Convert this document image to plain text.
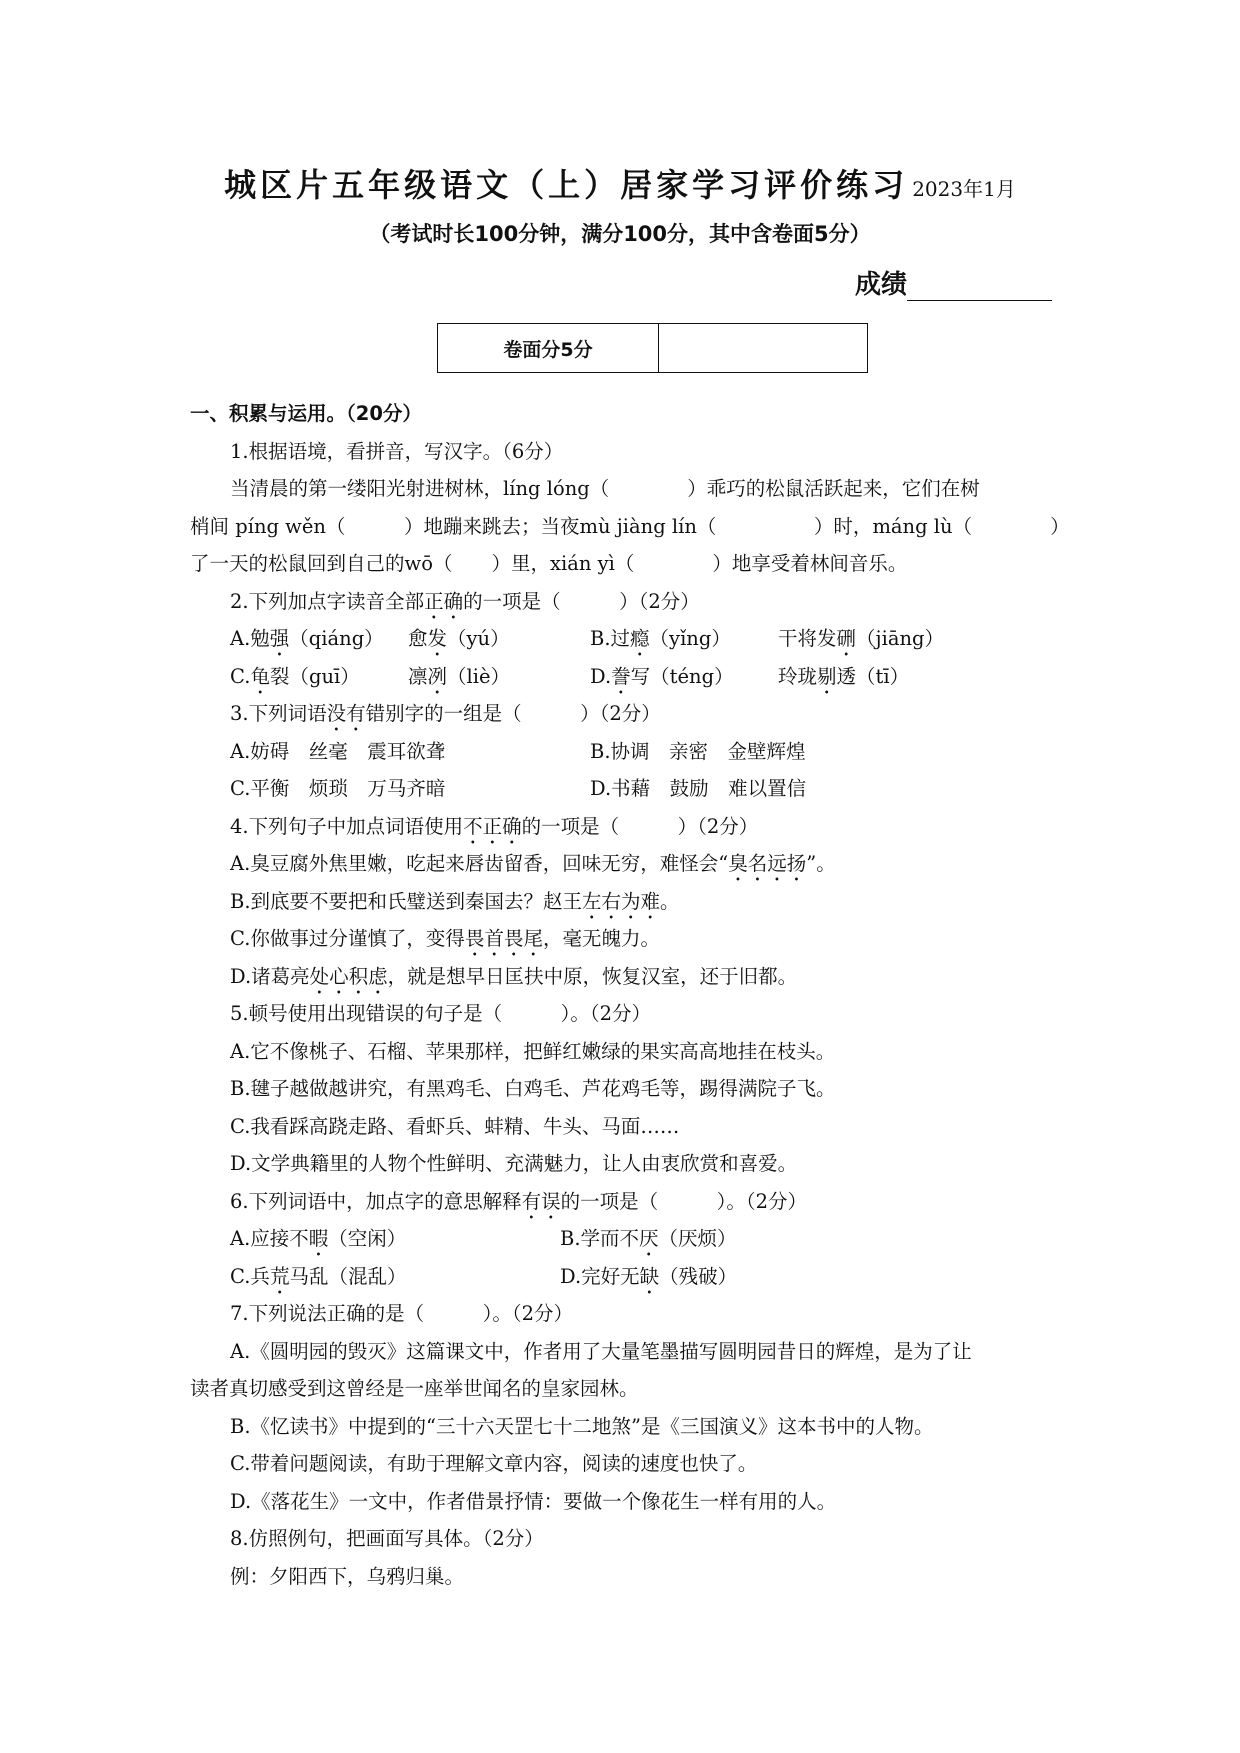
城区片五年级语文（上）居家学习评价练习 2023年1月
（考试时长100分钟，满分100分，其中含卷面5分）
成绩
卷面分5分	
一、积累与运用。（20分）
1.根据语境，看拼音，写汉字。（6分）
当清晨的第一缕阳光射进树林，líng lóng（　　　　）乖巧的松鼠活跃起来，它们在树
梢间 píng wěn（　　　）地蹦来跳去；当夜mù jiàng lín（　　　　　）时，máng lù（　　　　）
了一天的松鼠回到自己的wō（　　）里，xián yì（　　　　）地享受着林间音乐。
2.下列加点字读音全部正确的一项是（　　　）（2分）
A.勉强（qiáng） 愈发（yú）	B.过瘾（yǐng） 干将发硎（jiāng）
C.龟裂（guī） 凛冽（liè）	D.誊写（téng） 玲珑剔透（tī）
3.下列词语没有错别字的一组是（　　　）（2分）
A.妨碍　丝毫　震耳欲聋	B.协调　亲密　金壁辉煌
C.平衡　烦琐　万马齐暗	D.书藉　鼓励　难以置信
4.下列句子中加点词语使用不正确的一项是（　　　）（2分）
A.臭豆腐外焦里嫩，吃起来唇齿留香，回味无穷，难怪会“臭名远扬”。
B.到底要不要把和氏璧送到秦国去？赵王左右为难。
C.你做事过分谨慎了，变得畏首畏尾，毫无魄力。
D.诸葛亮处心积虑，就是想早日匡扶中原，恢复汉室，还于旧都。
5.顿号使用出现错误的句子是（　　　）。（2分）
A.它不像桃子、石榴、苹果那样，把鲜红嫩绿的果实高高地挂在枝头。
B.毽子越做越讲究，有黑鸡毛、白鸡毛、芦花鸡毛等，踢得满院子飞。
C.我看踩高跷走路、看虾兵、蚌精、牛头、马面……
D.文学典籍里的人物个性鲜明、充满魅力，让人由衷欣赏和喜爱。
6.下列词语中，加点字的意思解释有误的一项是（　　　）。（2分）
A.应接不暇（空闲）	B.学而不厌（厌烦）
C.兵荒马乱（混乱）	D.完好无缺（残破）
7.下列说法正确的是（　　　）。（2分）
A.《圆明园的毁灭》这篇课文中，作者用了大量笔墨描写圆明园昔日的辉煌，是为了让
读者真切感受到这曾经是一座举世闻名的皇家园林。
B.《忆读书》中提到的“三十六天罡七十二地煞”是《三国演义》这本书中的人物。
C.带着问题阅读，有助于理解文章内容，阅读的速度也快了。
D.《落花生》一文中，作者借景抒情：要做一个像花生一样有用的人。
8.仿照例句，把画面写具体。（2分）
例：夕阳西下，乌鸦归巢。
